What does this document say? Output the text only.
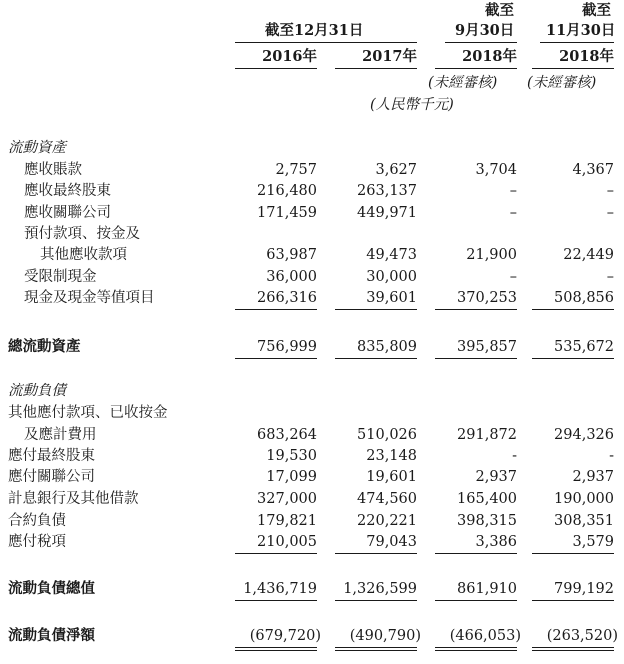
截至12月31日
截至
9月30日
截至
11月30日
2016年	2017年	2018年	2018年
(未經審核) (未經審核)
(人民幣千元)
流動資產
應收賬款	2,757	3,627	3,704	4,367
應收最終股東	216,480	263,137	–	–
應收關聯公司	171,459	449,971	–	–
預付款項、按金及
其他應收款項	63,987	49,473	21,900	22,449
受限制現金	36,000	30,000	–	–
現金及現金等值項目	266,316	39,601	370,253	508,856
總流動資產	756,999	835,809	395,857	535,672
流動負債
其他應付款項、已收按金
及應計費用	683,264	510,026	291,872	294,326
應付最終股東	19,530	23,148	-	-
應付關聯公司	17,099	19,601	2,937	2,937
計息銀行及其他借款	327,000	474,560	165,400	190,000
合約負債	179,821	220,221	398,315	308,351
應付稅項	210,005	79,043	3,386	3,579
流動負債總值	1,436,719 1,326,599	861,910	799,192
流動負債淨額	(679,720) (490,790) (466,053) (263,520)
